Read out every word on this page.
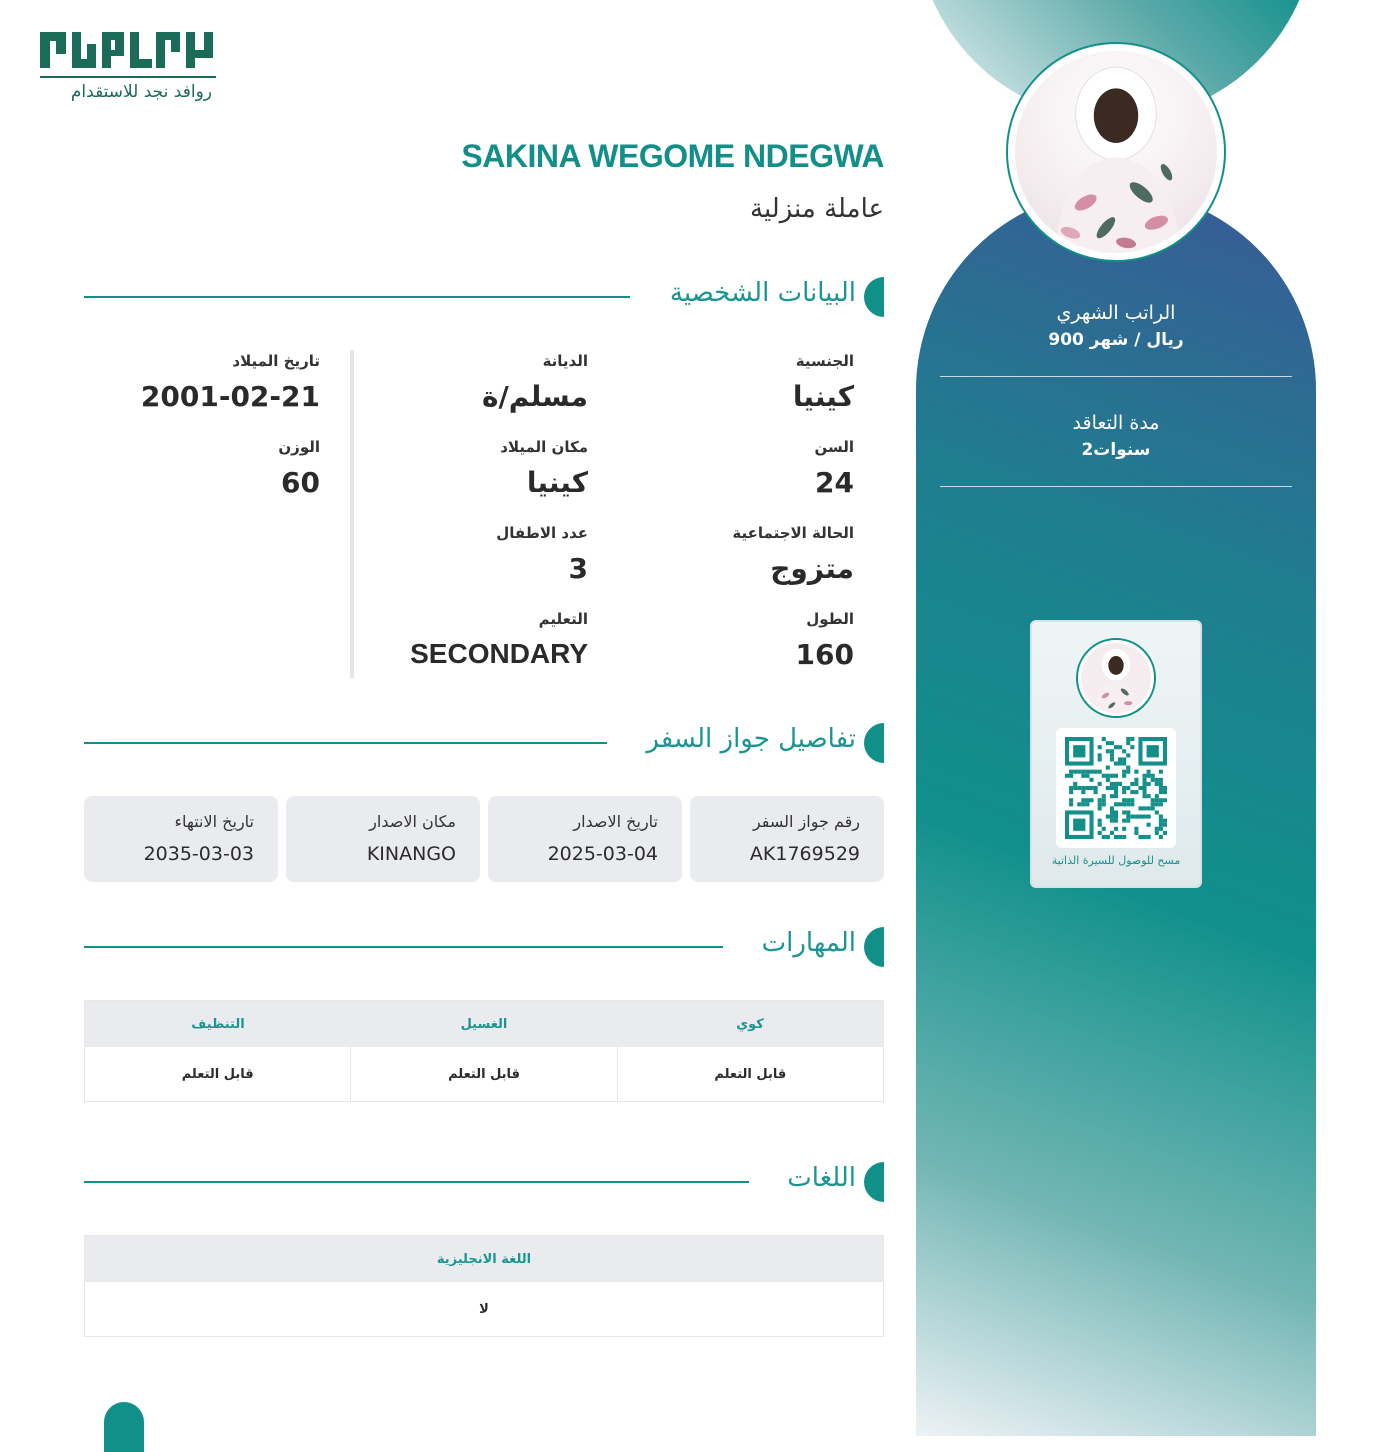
الراتب الشهري
900 ريال / شهر
مدة التعاقد
2سنوات
مسح للوصول للسيرة الذاتية
روافد نجد للاستقدام
SAKINA WEGOME NDEGWA
عاملة منزلية
البيانات الشخصية
الجنسية
كينيا
السن
24
الحالة الاجتماعية
متزوج
الطول
160
الديانة
مسلم/ة
مكان الميلاد
كينيا
عدد الاطفال
3
التعليم
SECONDARY
تاريخ الميلاد
2001-02-21
الوزن
60
تفاصيل جواز السفر
رقم جواز السفر
AK1769529
تاريخ الاصدار
2025-03-04
مكان الاصدار
KINANGO
تاريخ الانتهاء
2035-03-03
المهارات
كوي
الغسيل
التنظيف
قابل التعلم
قابل التعلم
قابل التعلم
اللغات
اللغة الانجليزية
لا
